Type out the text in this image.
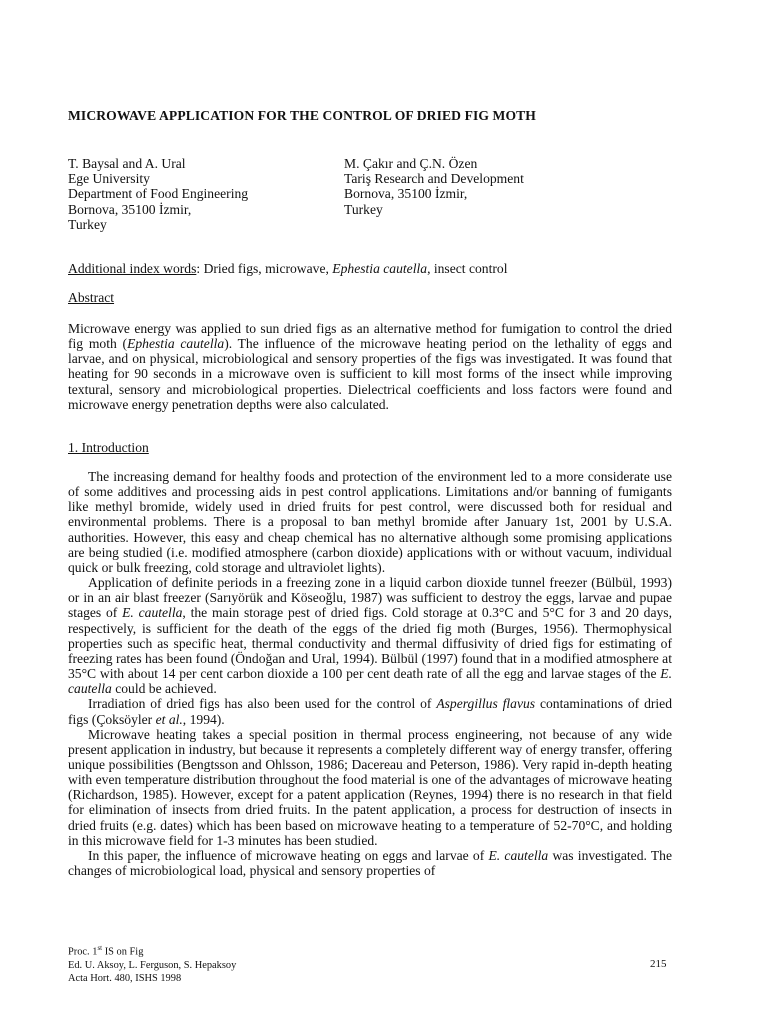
MICROWAVE APPLICATION FOR THE CONTROL OF DRIED FIG MOTH
T. Baysal and A. Ural
Ege University
Department of Food Engineering
Bornova, 35100 İzmir,
Turkey
M. Çakır and Ç.N. Özen
Tariş Research and Development
Bornova, 35100 İzmir,
Turkey
Additional index words: Dried figs, microwave, Ephestia cautella, insect control
Abstract

Microwave energy was applied to sun dried figs as an alternative method for fumigation to control the dried fig moth (Ephestia cautella). The influence of the microwave heating period on the lethality of eggs and larvae, and on physical, microbiological and sensory properties of the figs was investigated. It was found that heating for 90 seconds in a microwave oven is sufficient to kill most forms of the insect while improving textural, sensory and microbiological properties. Dielectrical coefficients and loss factors were found and microwave energy penetration depths were also calculated.

1. Introduction

The increasing demand for healthy foods and protection of the environment led to a more considerate use of some additives and processing aids in pest control applications. Limitations and/or banning of fumigants like methyl bromide, widely used in dried fruits for pest control, were discussed both for residual and environmental problems. There is a proposal to ban methyl bromide after January 1st, 2001 by U.S.A. authorities. However, this easy and cheap chemical has no alternative although some promising applications are being studied (i.e. modified atmosphere (carbon dioxide) applications with or without vacuum, individual quick or bulk freezing, cold storage and ultraviolet lights).

Application of definite periods in a freezing zone in a liquid carbon dioxide tunnel freezer (Bülbül, 1993) or in an air blast freezer (Sarıyörük and Köseoğlu, 1987) was sufficient to destroy the eggs, larvae and pupae stages of E. cautella, the main storage pest of dried figs. Cold storage at 0.3°C and 5°C for 3 and 20 days, respectively, is sufficient for the death of the eggs of the dried fig moth (Burges, 1956). Thermophysical properties such as specific heat, thermal conductivity and thermal diffusivity of dried figs for estimating of freezing rates has been found (Öndoğan and Ural, 1994). Bülbül (1997) found that in a modified atmosphere at 35°C with about 14 per cent carbon dioxide a 100 per cent death rate of all the egg and larvae stages of the E. cautella could be achieved.

Irradiation of dried figs has also been used for the control of Aspergillus flavus contaminations of dried figs (Çoksöyler et al., 1994).

Microwave heating takes a special position in thermal process engineering, not because of any wide present application in industry, but because it represents a completely different way of energy transfer, offering unique possibilities (Bengtsson and Ohlsson, 1986; Dacereau and Peterson, 1986). Very rapid in-depth heating with even temperature distribution throughout the food material is one of the advantages of microwave heating (Richardson, 1985). However, except for a patent application (Reynes, 1994) there is no research in that field for elimination of insects from dried fruits. In the patent application, a process for destruction of insects in dried fruits (e.g. dates) which has been based on microwave heating to a temperature of 52-70°C, and holding in this microwave field for 1-3 minutes has been studied.

In this paper, the influence of microwave heating on eggs and larvae of E. cautella was investigated. The changes of microbiological load, physical and sensory properties of

Proc. 1st IS on Fig
Ed. U. Aksoy, L. Ferguson, S. Hepaksoy
Acta Hort. 480, ISHS 1998
215
